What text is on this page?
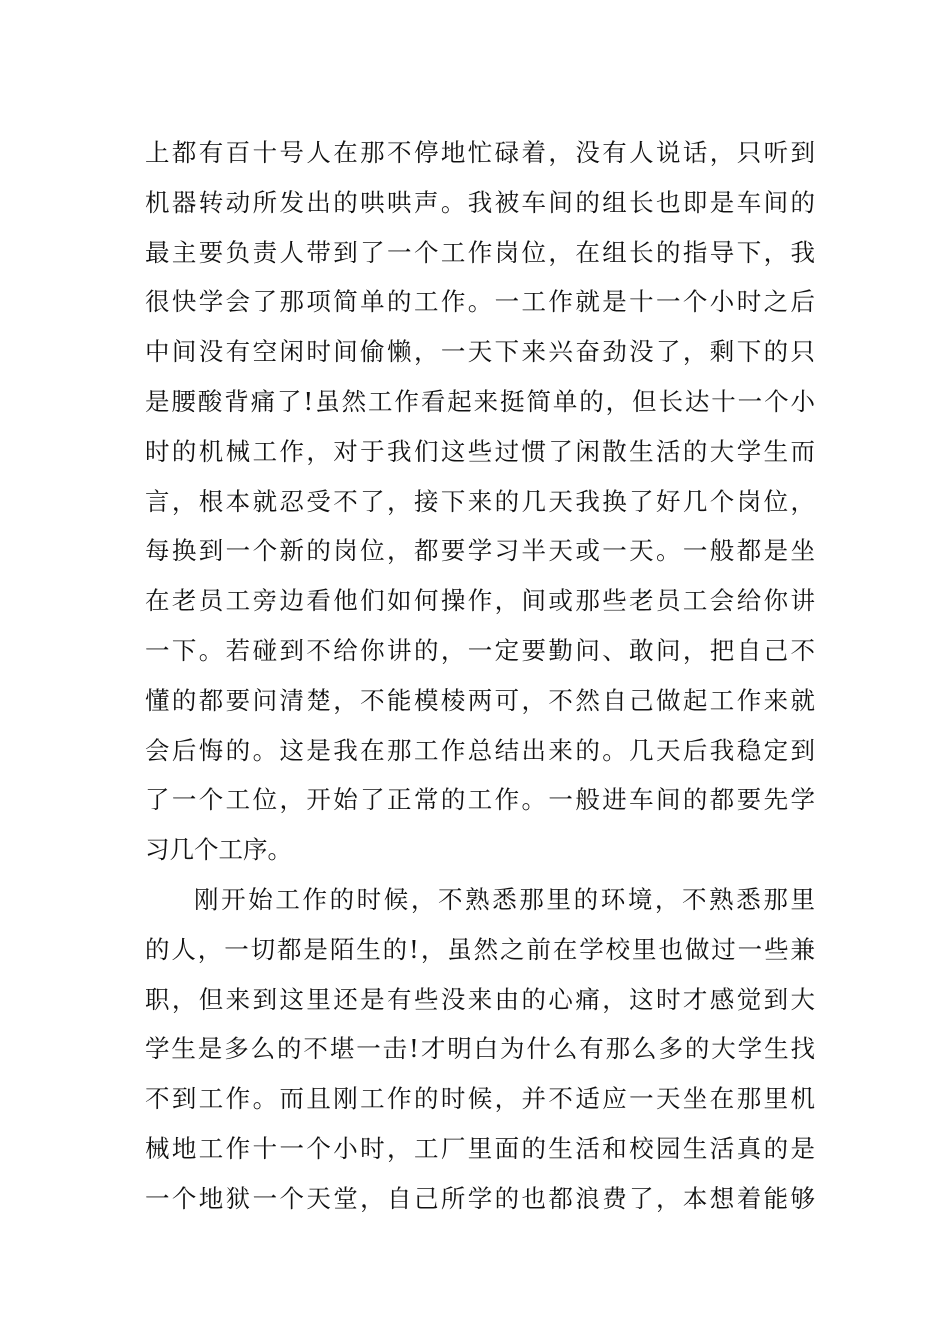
上都有百十号人在那不停地忙碌着，没有人说话，只听到
机器转动所发出的哄哄声。我被车间的组长也即是车间的
最主要负责人带到了一个工作岗位，在组长的指导下，我
很快学会了那项简单的工作。一工作就是十一个小时之后
中间没有空闲时间偷懒，一天下来兴奋劲没了，剩下的只
是腰酸背痛了!虽然工作看起来挺简单的，但长达十一个小
时的机械工作，对于我们这些过惯了闲散生活的大学生而
言，根本就忍受不了，接下来的几天我换了好几个岗位，
每换到一个新的岗位，都要学习半天或一天。一般都是坐
在老员工旁边看他们如何操作，间或那些老员工会给你讲
一下。若碰到不给你讲的，一定要勤问、敢问，把自己不
懂的都要问清楚，不能模棱两可，不然自己做起工作来就
会后悔的。这是我在那工作总结出来的。几天后我稳定到
了一个工位，开始了正常的工作。一般进车间的都要先学
习几个工序。
刚开始工作的时候，不熟悉那里的环境，不熟悉那里
的人，一切都是陌生的!，虽然之前在学校里也做过一些兼
职，但来到这里还是有些没来由的心痛，这时才感觉到大
学生是多么的不堪一击!才明白为什么有那么多的大学生找
不到工作。而且刚工作的时候，并不适应一天坐在那里机
械地工作十一个小时，工厂里面的生活和校园生活真的是
一个地狱一个天堂，自己所学的也都浪费了，本想着能够
